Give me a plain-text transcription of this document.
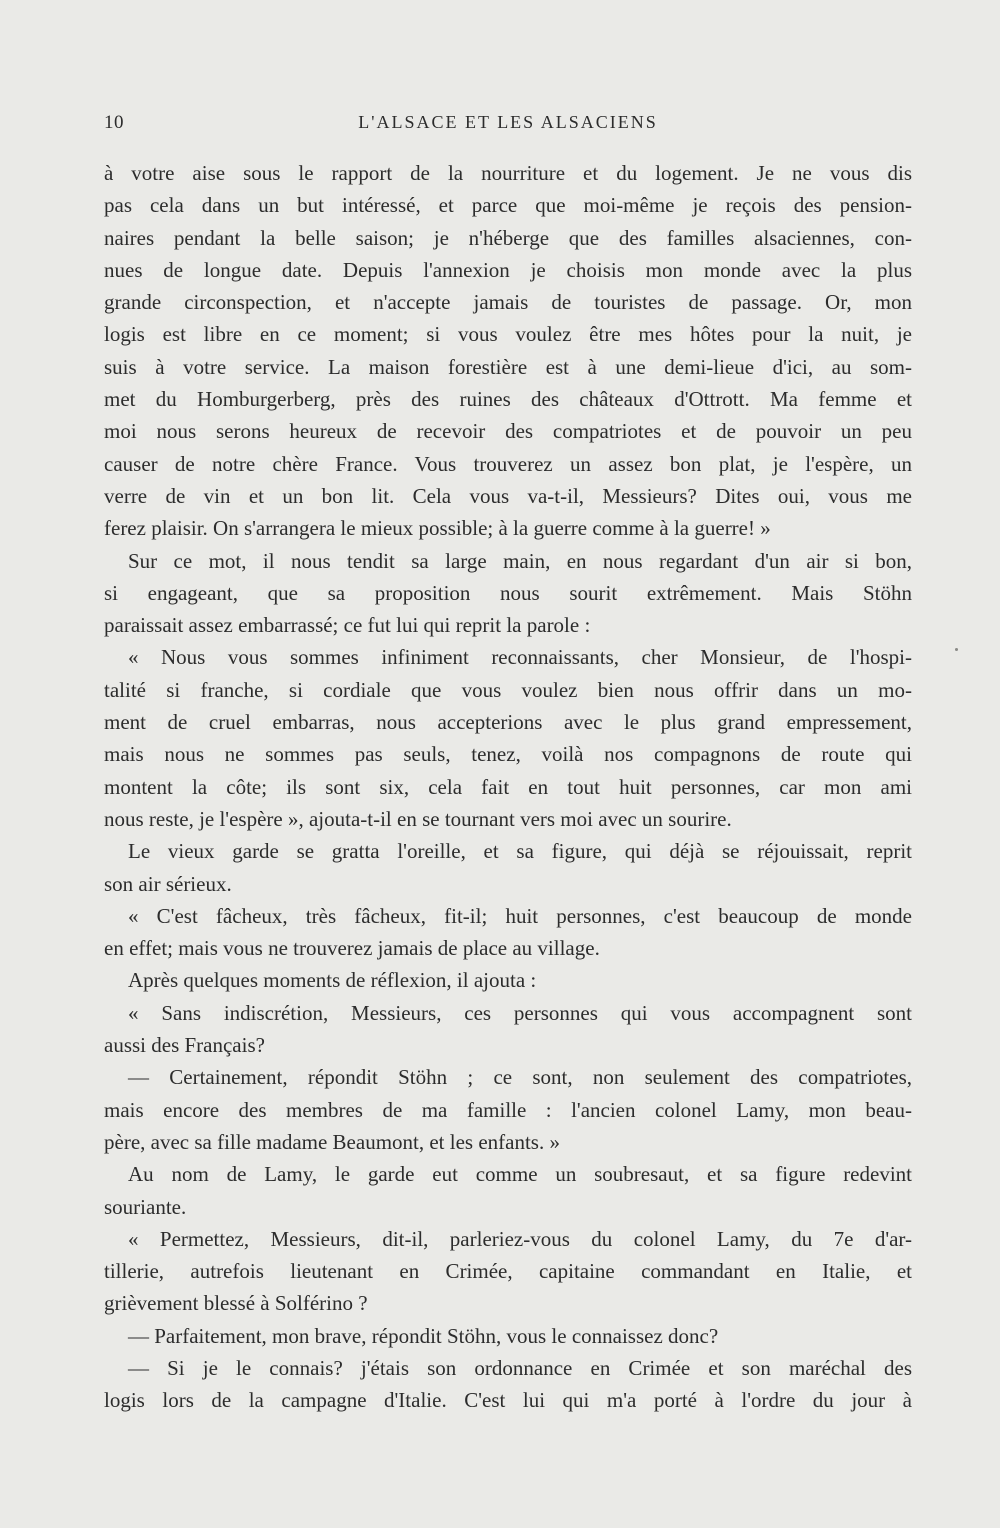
10	L'ALSACE ET LES ALSACIENS

à votre aise sous le rapport de la nourriture et du logement. Je ne vous dis

pas cela dans un but intéressé, et parce que moi-même je reçois des pension-

naires pendant la belle saison; je n'héberge que des familles alsaciennes, con-

nues de longue date. Depuis l'annexion je choisis mon monde avec la plus

grande circonspection, et n'accepte jamais de touristes de passage. Or, mon

logis est libre en ce moment; si vous voulez être mes hôtes pour la nuit, je

suis à votre service. La maison forestière est à une demi-lieue d'ici, au som-

met du Homburgerberg, près des ruines des châteaux d'Ottrott. Ma femme et

moi nous serons heureux de recevoir des compatriotes et de pouvoir un peu

causer de notre chère France. Vous trouverez un assez bon plat, je l'espère, un

verre de vin et un bon lit. Cela vous va-t-il, Messieurs? Dites oui, vous me

ferez plaisir. On s'arrangera le mieux possible; à la guerre comme à la guerre! »

Sur ce mot, il nous tendit sa large main, en nous regardant d'un air si bon,

si engageant, que sa proposition nous sourit extrêmement. Mais Stöhn

paraissait assez embarrassé; ce fut lui qui reprit la parole :

« Nous vous sommes infiniment reconnaissants, cher Monsieur, de l'hospi-

talité si franche, si cordiale que vous voulez bien nous offrir dans un mo-

ment de cruel embarras, nous accepterions avec le plus grand empressement,

mais nous ne sommes pas seuls, tenez, voilà nos compagnons de route qui

montent la côte; ils sont six, cela fait en tout huit personnes, car mon ami

nous reste, je l'espère », ajouta-t-il en se tournant vers moi avec un sourire.

Le vieux garde se gratta l'oreille, et sa figure, qui déjà se réjouissait, reprit

son air sérieux.

« C'est fâcheux, très fâcheux, fit-il; huit personnes, c'est beaucoup de monde

en effet; mais vous ne trouverez jamais de place au village.

Après quelques moments de réflexion, il ajouta :

« Sans indiscrétion, Messieurs, ces personnes qui vous accompagnent sont

aussi des Français?

— Certainement, répondit Stöhn ; ce sont, non seulement des compatriotes,

mais encore des membres de ma famille : l'ancien colonel Lamy, mon beau-

père, avec sa fille madame Beaumont, et les enfants. »

Au nom de Lamy, le garde eut comme un soubresaut, et sa figure redevint

souriante.

« Permettez, Messieurs, dit-il, parleriez-vous du colonel Lamy, du 7e d'ar-

tillerie, autrefois lieutenant en Crimée, capitaine commandant en Italie, et

grièvement blessé à Solférino ?

— Parfaitement, mon brave, répondit Stöhn, vous le connaissez donc?

— Si je le connais? j'étais son ordonnance en Crimée et son maréchal des

logis lors de la campagne d'Italie. C'est lui qui m'a porté à l'ordre du jour à
